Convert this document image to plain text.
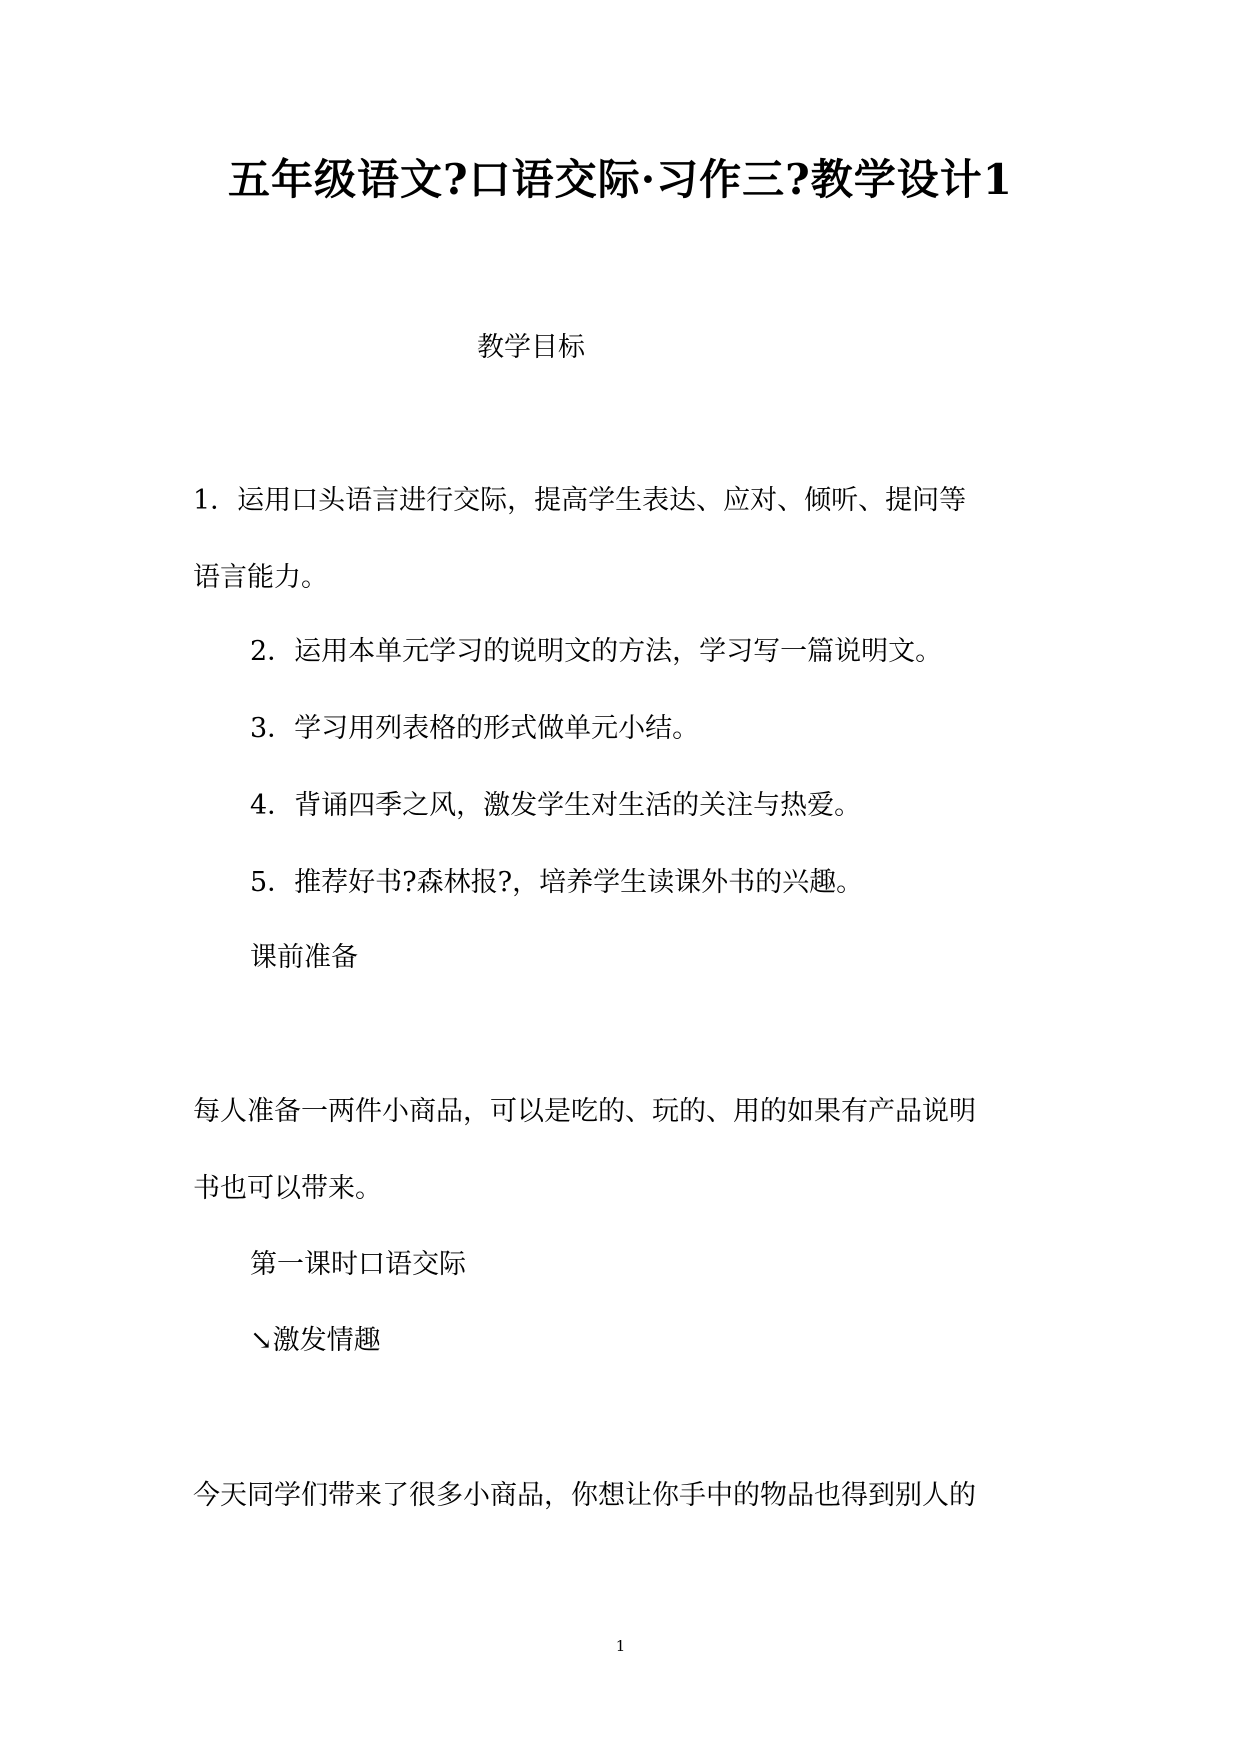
五年级语文?口语交际·习作三?教学设计1
教学目标
1．运用口头语言进行交际，提高学生表达、应对、倾听、提问等
语言能力。
2．运用本单元学习的说明文的方法，学习写一篇说明文。
3．学习用列表格的形式做单元小结。
4．背诵四季之风，激发学生对生活的关注与热爱。
5．推荐好书?森林报?，培养学生读课外书的兴趣。
课前准备
每人准备一两件小商品，可以是吃的、玩的、用的如果有产品说明
书也可以带来。
第一课时口语交际
↘激发情趣
今天同学们带来了很多小商品，你想让你手中的物品也得到别人的
1
